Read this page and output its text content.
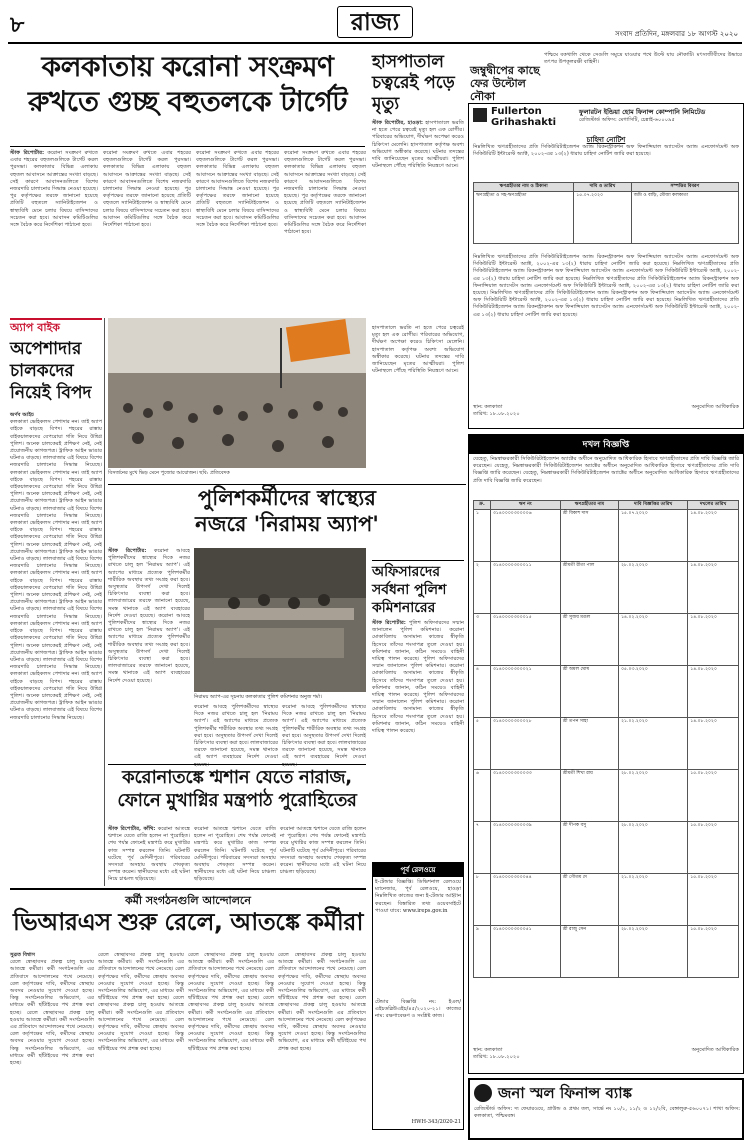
৮	রাজ্য	সংবাদ প্রতিদিন, মঙ্গলবার ১৮ আগস্ট ২০২০
কলকাতায় করোনা সংক্রমণ
রুখতে গুচ্ছ বহুতলকে টার্গেট
স্টাফ রিপোর্টার: করোনা সংক্রমণ রুখতে এবার শহরের বহুতলগুলিকে টার্গেট করল পুরসভা। কলকাতার বিভিন্ন এলাকায় বহুতল আবাসনে আক্রান্তের সংখ্যা বাড়ছে। সেই কারণে আবাসনগুলিতে বিশেষ নজরদারি চালানোর সিদ্ধান্ত নেওয়া হয়েছে। পুর কর্তৃপক্ষের তরফে জানানো হয়েছে প্রতিটি বহুতলে স্যানিটাইজেশন ও স্বাস্থ্যবিধি মেনে চলার বিষয়ে বাসিন্দাদের সচেতন করা হবে। আবাসন কমিটিগুলির সঙ্গে বৈঠক করে নির্দেশিকা পাঠানো হবে।
করোনা সংক্রমণ রুখতে এবার শহরের বহুতলগুলিকে টার্গেট করল পুরসভা। কলকাতার বিভিন্ন এলাকায় বহুতল আবাসনে আক্রান্তের সংখ্যা বাড়ছে। সেই কারণে আবাসনগুলিতে বিশেষ নজরদারি চালানোর সিদ্ধান্ত নেওয়া হয়েছে। পুর কর্তৃপক্ষের তরফে জানানো হয়েছে প্রতিটি বহুতলে স্যানিটাইজেশন ও স্বাস্থ্যবিধি মেনে চলার বিষয়ে বাসিন্দাদের সচেতন করা হবে। আবাসন কমিটিগুলির সঙ্গে বৈঠক করে নির্দেশিকা পাঠানো হবে।
করোনা সংক্রমণ রুখতে এবার শহরের বহুতলগুলিকে টার্গেট করল পুরসভা। কলকাতার বিভিন্ন এলাকায় বহুতল আবাসনে আক্রান্তের সংখ্যা বাড়ছে। সেই কারণে আবাসনগুলিতে বিশেষ নজরদারি চালানোর সিদ্ধান্ত নেওয়া হয়েছে। পুর কর্তৃপক্ষের তরফে জানানো হয়েছে প্রতিটি বহুতলে স্যানিটাইজেশন ও স্বাস্থ্যবিধি মেনে চলার বিষয়ে বাসিন্দাদের সচেতন করা হবে। আবাসন কমিটিগুলির সঙ্গে বৈঠক করে নির্দেশিকা পাঠানো হবে।
করোনা সংক্রমণ রুখতে এবার শহরের বহুতলগুলিকে টার্গেট করল পুরসভা। কলকাতার বিভিন্ন এলাকায় বহুতল আবাসনে আক্রান্তের সংখ্যা বাড়ছে। সেই কারণে আবাসনগুলিতে বিশেষ নজরদারি চালানোর সিদ্ধান্ত নেওয়া হয়েছে। পুর কর্তৃপক্ষের তরফে জানানো হয়েছে প্রতিটি বহুতলে স্যানিটাইজেশন ও স্বাস্থ্যবিধি মেনে চলার বিষয়ে বাসিন্দাদের সচেতন করা হবে। আবাসন কমিটিগুলির সঙ্গে বৈঠক করে নির্দেশিকা পাঠানো হবে।
হাসপাতাল চত্বরেই পড়ে মৃত্যু
স্টাফ রিপোর্টার, হাওড়া: হাসপাতালে ভরতি না হতে পেরে চত্বরেই মৃত্যু হল এক রোগীর। পরিবারের অভিযোগ, দীর্ঘক্ষণ অপেক্ষা করেও চিকিৎসা মেলেনি। হাসপাতাল কর্তৃপক্ষ অবশ্য অভিযোগ অস্বীকার করেছে। ঘটনার তদন্তের দাবি জানিয়েছেন মৃতের আত্মীয়রা। পুলিশ ঘটনাস্থলে পৌঁছে পরিস্থিতি নিয়ন্ত্রণে আনে।
হাসপাতালে ভরতি না হতে পেরে চত্বরেই মৃত্যু হল এক রোগীর। পরিবারের অভিযোগ, দীর্ঘক্ষণ অপেক্ষা করেও চিকিৎসা মেলেনি। হাসপাতাল কর্তৃপক্ষ অবশ্য অভিযোগ অস্বীকার করেছে। ঘটনার তদন্তের দাবি জানিয়েছেন মৃতের আত্মীয়রা। পুলিশ ঘটনাস্থলে পৌঁছে পরিস্থিতি নিয়ন্ত্রণে আনে।
জম্বুদ্বীপের কাছে ফের উল্টোল নৌকা
পশ্চিমে বকখালি থেকে সেগুলি সমুদ্রে যাওয়ার পথে উল্টে যায় নৌকাটি। মৎস্যজীবীদের উদ্ধারে তৎপর উপকূলরক্ষী বাহিনী।
Fullerton
Grihashakti
ফুলারটন ইন্ডিয়া হোম ফিনান্স কোম্পানি লিমিটেড
রেজিস্টার্ড অফিস: মেগাসিটি, চেন্নাই-৬০০০৯৫
চাহিদা নোটিশ
নিম্নলিখিত ঋণগ্রহীতাদের প্রতি সিকিউরিটাইজেশন অ্যান্ড রিকনস্ট্রাকশন অফ ফিনান্সিয়াল অ্যাসেটস অ্যান্ড এনফোর্সমেন্ট অফ সিকিউরিটি ইন্টারেস্ট অ্যাক্ট, ২০০২-এর ১৩(২) ধারায় চাহিদা নোটিশ জারি করা হয়েছে।
ঋণগ্রহীতার নাম ও ঠিকানা	দাবি ও তারিখ	সম্পত্তির বিবরণ
ঋণগ্রহীতা ও সহ-ঋণগ্রহীতা	১৫.০৭.২০২০	জমি ও বাড়ি, মৌজা কলকাতা
নিম্নলিখিত ঋণগ্রহীতাদের প্রতি সিকিউরিটাইজেশন অ্যান্ড রিকনস্ট্রাকশন অফ ফিনান্সিয়াল অ্যাসেটস অ্যান্ড এনফোর্সমেন্ট অফ সিকিউরিটি ইন্টারেস্ট অ্যাক্ট, ২০০২-এর ১৩(২) ধারায় চাহিদা নোটিশ জারি করা হয়েছে। নিম্নলিখিত ঋণগ্রহীতাদের প্রতি সিকিউরিটাইজেশন অ্যান্ড রিকনস্ট্রাকশন অফ ফিনান্সিয়াল অ্যাসেটস অ্যান্ড এনফোর্সমেন্ট অফ সিকিউরিটি ইন্টারেস্ট অ্যাক্ট, ২০০২-এর ১৩(২) ধারায় চাহিদা নোটিশ জারি করা হয়েছে। নিম্নলিখিত ঋণগ্রহীতাদের প্রতি সিকিউরিটাইজেশন অ্যান্ড রিকনস্ট্রাকশন অফ ফিনান্সিয়াল অ্যাসেটস অ্যান্ড এনফোর্সমেন্ট অফ সিকিউরিটি ইন্টারেস্ট অ্যাক্ট, ২০০২-এর ১৩(২) ধারায় চাহিদা নোটিশ জারি করা হয়েছে। নিম্নলিখিত ঋণগ্রহীতাদের প্রতি সিকিউরিটাইজেশন অ্যান্ড রিকনস্ট্রাকশন অফ ফিনান্সিয়াল অ্যাসেটস অ্যান্ড এনফোর্সমেন্ট অফ সিকিউরিটি ইন্টারেস্ট অ্যাক্ট, ২০০২-এর ১৩(২) ধারায় চাহিদা নোটিশ জারি করা হয়েছে। নিম্নলিখিত ঋণগ্রহীতাদের প্রতি সিকিউরিটাইজেশন অ্যান্ড রিকনস্ট্রাকশন অফ ফিনান্সিয়াল অ্যাসেটস অ্যান্ড এনফোর্সমেন্ট অফ সিকিউরিটি ইন্টারেস্ট অ্যাক্ট, ২০০২-এর ১৩(২) ধারায় চাহিদা নোটিশ জারি করা হয়েছে।
স্থান: কলকাতা
তারিখ: ১৮.০৮.২০২০
অনুমোদিত আধিকারিক
অ্যাপ বাইক
অপেশাদার চালকদের নিয়েই বিপদ
অর্ণব আইচ
কলকাতা ভেহিকলস পেশাদার নন। তাই অ্যাপ বাইকে বাড়ছে বিপদ। শহরের রাস্তায় বাইকচালকদের বেপরোয়া গতি নিয়ে উদ্বিগ্ন পুলিশ। অনেক চালকেরই প্রশিক্ষণ নেই, নেই প্রয়োজনীয় কাগজপত্র। ট্রাফিক আইন ভাঙার ঘটনাও বাড়ছে। লালবাজার এই বিষয়ে বিশেষ নজরদারি চালানোর সিদ্ধান্ত নিয়েছে। কলকাতা ভেহিকলস পেশাদার নন। তাই অ্যাপ বাইকে বাড়ছে বিপদ। শহরের রাস্তায় বাইকচালকদের বেপরোয়া গতি নিয়ে উদ্বিগ্ন পুলিশ। অনেক চালকেরই প্রশিক্ষণ নেই, নেই প্রয়োজনীয় কাগজপত্র। ট্রাফিক আইন ভাঙার ঘটনাও বাড়ছে। লালবাজার এই বিষয়ে বিশেষ নজরদারি চালানোর সিদ্ধান্ত নিয়েছে। কলকাতা ভেহিকলস পেশাদার নন। তাই অ্যাপ বাইকে বাড়ছে বিপদ। শহরের রাস্তায় বাইকচালকদের বেপরোয়া গতি নিয়ে উদ্বিগ্ন পুলিশ। অনেক চালকেরই প্রশিক্ষণ নেই, নেই প্রয়োজনীয় কাগজপত্র। ট্রাফিক আইন ভাঙার ঘটনাও বাড়ছে। লালবাজার এই বিষয়ে বিশেষ নজরদারি চালানোর সিদ্ধান্ত নিয়েছে। কলকাতা ভেহিকলস পেশাদার নন। তাই অ্যাপ বাইকে বাড়ছে বিপদ। শহরের রাস্তায় বাইকচালকদের বেপরোয়া গতি নিয়ে উদ্বিগ্ন পুলিশ। অনেক চালকেরই প্রশিক্ষণ নেই, নেই প্রয়োজনীয় কাগজপত্র। ট্রাফিক আইন ভাঙার ঘটনাও বাড়ছে। লালবাজার এই বিষয়ে বিশেষ নজরদারি চালানোর সিদ্ধান্ত নিয়েছে। কলকাতা ভেহিকলস পেশাদার নন। তাই অ্যাপ বাইকে বাড়ছে বিপদ। শহরের রাস্তায় বাইকচালকদের বেপরোয়া গতি নিয়ে উদ্বিগ্ন পুলিশ। অনেক চালকেরই প্রশিক্ষণ নেই, নেই প্রয়োজনীয় কাগজপত্র। ট্রাফিক আইন ভাঙার ঘটনাও বাড়ছে। লালবাজার এই বিষয়ে বিশেষ নজরদারি চালানোর সিদ্ধান্ত নিয়েছে। কলকাতা ভেহিকলস পেশাদার নন। তাই অ্যাপ বাইকে বাড়ছে বিপদ। শহরের রাস্তায় বাইকচালকদের বেপরোয়া গতি নিয়ে উদ্বিগ্ন পুলিশ। অনেক চালকেরই প্রশিক্ষণ নেই, নেই প্রয়োজনীয় কাগজপত্র। ট্রাফিক আইন ভাঙার ঘটনাও বাড়ছে। লালবাজার এই বিষয়ে বিশেষ নজরদারি চালানোর সিদ্ধান্ত নিয়েছে।
বিসর্জনের মুখে ভিড় মেনে পুজোর আয়োজন। ছবি: প্রতিবেদক
পুলিশকর্মীদের স্বাস্থ্যের
নজরে 'নিরাময় অ্যাপ'
স্টাফ রিপোর্টার: করোনা আবহে পুলিশকর্মীদের স্বাস্থ্যের দিকে নজর রাখতে চালু হল 'নিরাময় অ্যাপ'। এই অ্যাপের মাধ্যমে প্রত্যেক পুলিশকর্মীর শারীরিক অবস্থার তথ্য সংগ্রহ করা হবে। অসুস্থতার উপসর্গ দেখা দিলেই চিকিৎসার ব্যবস্থা করা হবে। লালবাজারের তরফে জানানো হয়েছে, সমস্ত থানাকে এই অ্যাপ ব্যবহারের নির্দেশ দেওয়া হয়েছে। করোনা আবহে পুলিশকর্মীদের স্বাস্থ্যের দিকে নজর রাখতে চালু হল 'নিরাময় অ্যাপ'। এই অ্যাপের মাধ্যমে প্রত্যেক পুলিশকর্মীর শারীরিক অবস্থার তথ্য সংগ্রহ করা হবে। অসুস্থতার উপসর্গ দেখা দিলেই চিকিৎসার ব্যবস্থা করা হবে। লালবাজারের তরফে জানানো হয়েছে, সমস্ত থানাকে এই অ্যাপ ব্যবহারের নির্দেশ দেওয়া হয়েছে।
নিরাময় অ্যাপ-এর সূচনায় কলকাতার পুলিশ কমিশনার অনুজ শর্মা।
করোনা আবহে পুলিশকর্মীদের স্বাস্থ্যের দিকে নজর রাখতে চালু হল 'নিরাময় অ্যাপ'। এই অ্যাপের মাধ্যমে প্রত্যেক পুলিশকর্মীর শারীরিক অবস্থার তথ্য সংগ্রহ করা হবে। অসুস্থতার উপসর্গ দেখা দিলেই চিকিৎসার ব্যবস্থা করা হবে। লালবাজারের তরফে জানানো হয়েছে, সমস্ত থানাকে এই অ্যাপ ব্যবহারের নির্দেশ দেওয়া হয়েছে।
করোনা আবহে পুলিশকর্মীদের স্বাস্থ্যের দিকে নজর রাখতে চালু হল 'নিরাময় অ্যাপ'। এই অ্যাপের মাধ্যমে প্রত্যেক পুলিশকর্মীর শারীরিক অবস্থার তথ্য সংগ্রহ করা হবে। অসুস্থতার উপসর্গ দেখা দিলেই চিকিৎসার ব্যবস্থা করা হবে। লালবাজারের তরফে জানানো হয়েছে, সমস্ত থানাকে এই অ্যাপ ব্যবহারের নির্দেশ দেওয়া হয়েছে।
অফিসারদের সর্বধনা পুলিশ কমিশনারের
স্টাফ রিপোর্টার: পুলিশ অফিসারদের সম্মান জানালেন পুলিশ কমিশনার। করোনা মোকাবিলায় অসামান্য কাজের স্বীকৃতি হিসেবে তাঁদের শংসাপত্র তুলে দেওয়া হয়। কমিশনার জানান, কঠিন সময়েও বাহিনী দায়িত্ব পালন করেছে। পুলিশ অফিসারদের সম্মান জানালেন পুলিশ কমিশনার। করোনা মোকাবিলায় অসামান্য কাজের স্বীকৃতি হিসেবে তাঁদের শংসাপত্র তুলে দেওয়া হয়। কমিশনার জানান, কঠিন সময়েও বাহিনী দায়িত্ব পালন করেছে। পুলিশ অফিসারদের সম্মান জানালেন পুলিশ কমিশনার। করোনা মোকাবিলায় অসামান্য কাজের স্বীকৃতি হিসেবে তাঁদের শংসাপত্র তুলে দেওয়া হয়। কমিশনার জানান, কঠিন সময়েও বাহিনী দায়িত্ব পালন করেছে।
করোনাতঙ্কে শ্মশান যেতে নারাজ,
ফোনে মুখাগ্নির মন্ত্রপাঠ পুরোহিতের
স্টাফ রিপোর্টার, কাঁথি: করোনা আতঙ্কে শ্মশানে যেতে রাজি হলেন না পুরোহিত। শেষ পর্যন্ত ফোনেই মন্ত্রপাঠ করে মুখাগ্নির কাজ সম্পন্ন করলেন তিনি। ঘটনাটি ঘটেছে পূর্ব মেদিনীপুরে। পরিবারের সদস্যরা অসহায় অবস্থায় শেষকৃত্য সম্পন্ন করেন। স্থানীয়দের মধ্যে এই ঘটনা নিয়ে চাঞ্চল্য ছড়িয়েছে।
করোনা আতঙ্কে শ্মশানে যেতে রাজি হলেন না পুরোহিত। শেষ পর্যন্ত ফোনেই মন্ত্রপাঠ করে মুখাগ্নির কাজ সম্পন্ন করলেন তিনি। ঘটনাটি ঘটেছে পূর্ব মেদিনীপুরে। পরিবারের সদস্যরা অসহায় অবস্থায় শেষকৃত্য সম্পন্ন করেন। স্থানীয়দের মধ্যে এই ঘটনা নিয়ে চাঞ্চল্য ছড়িয়েছে।
করোনা আতঙ্কে শ্মশানে যেতে রাজি হলেন না পুরোহিত। শেষ পর্যন্ত ফোনেই মন্ত্রপাঠ করে মুখাগ্নির কাজ সম্পন্ন করলেন তিনি। ঘটনাটি ঘটেছে পূর্ব মেদিনীপুরে। পরিবারের সদস্যরা অসহায় অবস্থায় শেষকৃত্য সম্পন্ন করেন। স্থানীয়দের মধ্যে এই ঘটনা নিয়ে চাঞ্চল্য ছড়িয়েছে।	পূর্ব রেলওয়ে
ই-টেন্ডার বিজ্ঞপ্তি। ডিভিশনাল রেলওয়ে ম্যানেজার, পূর্ব রেলওয়ে, হাওড়া নিম্নলিখিত কাজের জন্য ই-টেন্ডার আহ্বান করছেন। বিস্তারিত তথ্য ওয়েবসাইটে পাওয়া যাবে: www.ireps.gov.in
টেন্ডার বিজ্ঞপ্তি নং: ইএল/এইচডব্লিউএইচ/৪৫/২০২০-২১। কাজের নাম: রক্ষণাবেক্ষণ ও সংশ্লিষ্ট কাজ।
HWH-343/2020-21
কর্মী সংগঠনগুলি আন্দোলনে
ভিআরএস শুরু রেলে, আতঙ্কে কর্মীরা
সুব্রত বিশ্বাস
রেলে স্বেচ্ছাবসর প্রকল্প চালু হওয়ায় আতঙ্কে কর্মীরা। কর্মী সংগঠনগুলি এর প্রতিবাদে আন্দোলনের পথে নেমেছে। রেল কর্তৃপক্ষের দাবি, কর্মীদের স্বেচ্ছায় অবসর নেওয়ার সুযোগ দেওয়া হচ্ছে। কিন্তু সংগঠনগুলির অভিযোগ, এর মাধ্যমে কর্মী ছাঁটাইয়ের পথ প্রশস্ত করা হচ্ছে। রেলে স্বেচ্ছাবসর প্রকল্প চালু হওয়ায় আতঙ্কে কর্মীরা। কর্মী সংগঠনগুলি এর প্রতিবাদে আন্দোলনের পথে নেমেছে। রেল কর্তৃপক্ষের দাবি, কর্মীদের স্বেচ্ছায় অবসর নেওয়ার সুযোগ দেওয়া হচ্ছে। কিন্তু সংগঠনগুলির অভিযোগ, এর মাধ্যমে কর্মী ছাঁটাইয়ের পথ প্রশস্ত করা হচ্ছে।
রেলে স্বেচ্ছাবসর প্রকল্প চালু হওয়ায় আতঙ্কে কর্মীরা। কর্মী সংগঠনগুলি এর প্রতিবাদে আন্দোলনের পথে নেমেছে। রেল কর্তৃপক্ষের দাবি, কর্মীদের স্বেচ্ছায় অবসর নেওয়ার সুযোগ দেওয়া হচ্ছে। কিন্তু সংগঠনগুলির অভিযোগ, এর মাধ্যমে কর্মী ছাঁটাইয়ের পথ প্রশস্ত করা হচ্ছে। রেলে স্বেচ্ছাবসর প্রকল্প চালু হওয়ায় আতঙ্কে কর্মীরা। কর্মী সংগঠনগুলি এর প্রতিবাদে আন্দোলনের পথে নেমেছে। রেল কর্তৃপক্ষের দাবি, কর্মীদের স্বেচ্ছায় অবসর নেওয়ার সুযোগ দেওয়া হচ্ছে। কিন্তু সংগঠনগুলির অভিযোগ, এর মাধ্যমে কর্মী ছাঁটাইয়ের পথ প্রশস্ত করা হচ্ছে।
রেলে স্বেচ্ছাবসর প্রকল্প চালু হওয়ায় আতঙ্কে কর্মীরা। কর্মী সংগঠনগুলি এর প্রতিবাদে আন্দোলনের পথে নেমেছে। রেল কর্তৃপক্ষের দাবি, কর্মীদের স্বেচ্ছায় অবসর নেওয়ার সুযোগ দেওয়া হচ্ছে। কিন্তু সংগঠনগুলির অভিযোগ, এর মাধ্যমে কর্মী ছাঁটাইয়ের পথ প্রশস্ত করা হচ্ছে। রেলে স্বেচ্ছাবসর প্রকল্প চালু হওয়ায় আতঙ্কে কর্মীরা। কর্মী সংগঠনগুলি এর প্রতিবাদে আন্দোলনের পথে নেমেছে। রেল কর্তৃপক্ষের দাবি, কর্মীদের স্বেচ্ছায় অবসর নেওয়ার সুযোগ দেওয়া হচ্ছে। কিন্তু সংগঠনগুলির অভিযোগ, এর মাধ্যমে কর্মী ছাঁটাইয়ের পথ প্রশস্ত করা হচ্ছে।
রেলে স্বেচ্ছাবসর প্রকল্প চালু হওয়ায় আতঙ্কে কর্মীরা। কর্মী সংগঠনগুলি এর প্রতিবাদে আন্দোলনের পথে নেমেছে। রেল কর্তৃপক্ষের দাবি, কর্মীদের স্বেচ্ছায় অবসর নেওয়ার সুযোগ দেওয়া হচ্ছে। কিন্তু সংগঠনগুলির অভিযোগ, এর মাধ্যমে কর্মী ছাঁটাইয়ের পথ প্রশস্ত করা হচ্ছে। রেলে স্বেচ্ছাবসর প্রকল্প চালু হওয়ায় আতঙ্কে কর্মীরা। কর্মী সংগঠনগুলি এর প্রতিবাদে আন্দোলনের পথে নেমেছে। রেল কর্তৃপক্ষের দাবি, কর্মীদের স্বেচ্ছায় অবসর নেওয়ার সুযোগ দেওয়া হচ্ছে। কিন্তু সংগঠনগুলির অভিযোগ, এর মাধ্যমে কর্মী ছাঁটাইয়ের পথ প্রশস্ত করা হচ্ছে।
দখল বিজ্ঞপ্তি
যেহেতু, নিম্নস্বাক্ষরকারী সিকিউরিটাইজেশন অ্যাক্টের অধীনে অনুমোদিত আধিকারিক হিসাবে ঋণগ্রহীতাদের প্রতি দাবি বিজ্ঞপ্তি জারি করেছেন। যেহেতু, নিম্নস্বাক্ষরকারী সিকিউরিটাইজেশন অ্যাক্টের অধীনে অনুমোদিত আধিকারিক হিসাবে ঋণগ্রহীতাদের প্রতি দাবি বিজ্ঞপ্তি জারি করেছেন। যেহেতু, নিম্নস্বাক্ষরকারী সিকিউরিটাইজেশন অ্যাক্টের অধীনে অনুমোদিত আধিকারিক হিসাবে ঋণগ্রহীতাদের প্রতি দাবি বিজ্ঞপ্তি জারি করেছেন।
ক্র.	ঋণ নং	ঋণগ্রহীতার নাম	দাবি বিজ্ঞপ্তির তারিখ	দখলের তারিখ
১	৩১৪০০০০৩০০০০৬	শ্রী বিকাশ দাস	১৫.০৭.২০২০	১৪.০৮.২০২০
২	৩১৪০০০০৩০০০১১	শ্রীমতী রীতা পাল	২৮.০২.২০২০	১৪.০৮.২০২০
৩	৩১৪০০০০৩০০০১৫	শ্রী সুজয় মণ্ডল	১৪.০২.২০২০	১৪.০৮.২০২০
৪	৩১৪০০০০৩০০০২১	শ্রী অমল ঘোষ	০৫.০৩.২০২০	১৪.০৮.২০২০
৫	৩১৪০০০০৩০০০২৮	শ্রী তপন সাহা	২১.০২.২০২০	১৪.০৮.২০২০
৬	৩১৪০০০০৩০০০৩৩	শ্রীমতী শিখা রায়	২৮.০২.২০২০	১৫.০৮.২০২০
৭	৩১৪০০০০৩০০০৩৯	শ্রী দীপক বসু	২৮.০২.২০২০	১৫.০৮.২০২০
৮	৩১৪০০০০৩০০০৪৪	শ্রী গৌতম দে	২১.০২.২০২০	১৫.০৮.২০২০
৯	৩১৪০০০০৩০০০৫১	শ্রী রাজু সেন	২৮.০২.২০২০	১৫.০৮.২০২০
স্থান: কলকাতা
তারিখ: ১৮.০৮.২০২০
অনুমোদিত আধিকারিক
জনা স্মল ফিনান্স ব্যাঙ্ক
রেজিস্টার্ড অফিস: দ্য ফেয়ারওয়ে, গ্রাউন্ড ও প্রথম তল, সার্ভে নং ১০/১, ১১/২ ও ১২/২বি, বেঙ্গালুরু-৫৬০০৭১। শাখা অফিস: কলকাতা, পশ্চিমবঙ্গ।
